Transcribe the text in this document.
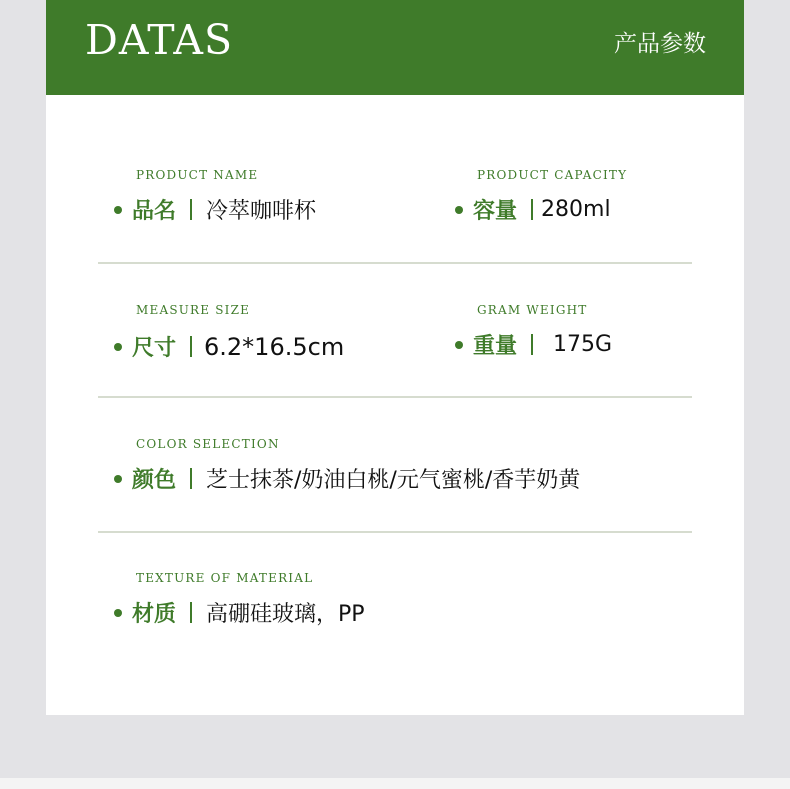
DATAS	产品参数
PRODUCT NAME
品名 冷萃咖啡杯
PRODUCT CAPACITY
容量 280ml
MEASURE SIZE
尺寸 6.2*16.5cm
GRAM WEIGHT
重量 175G
COLOR SELECTION
颜色 芝士抹茶/奶油白桃/元气蜜桃/香芋奶黄
TEXTURE OF MATERIAL
材质 高硼硅玻璃，PP
